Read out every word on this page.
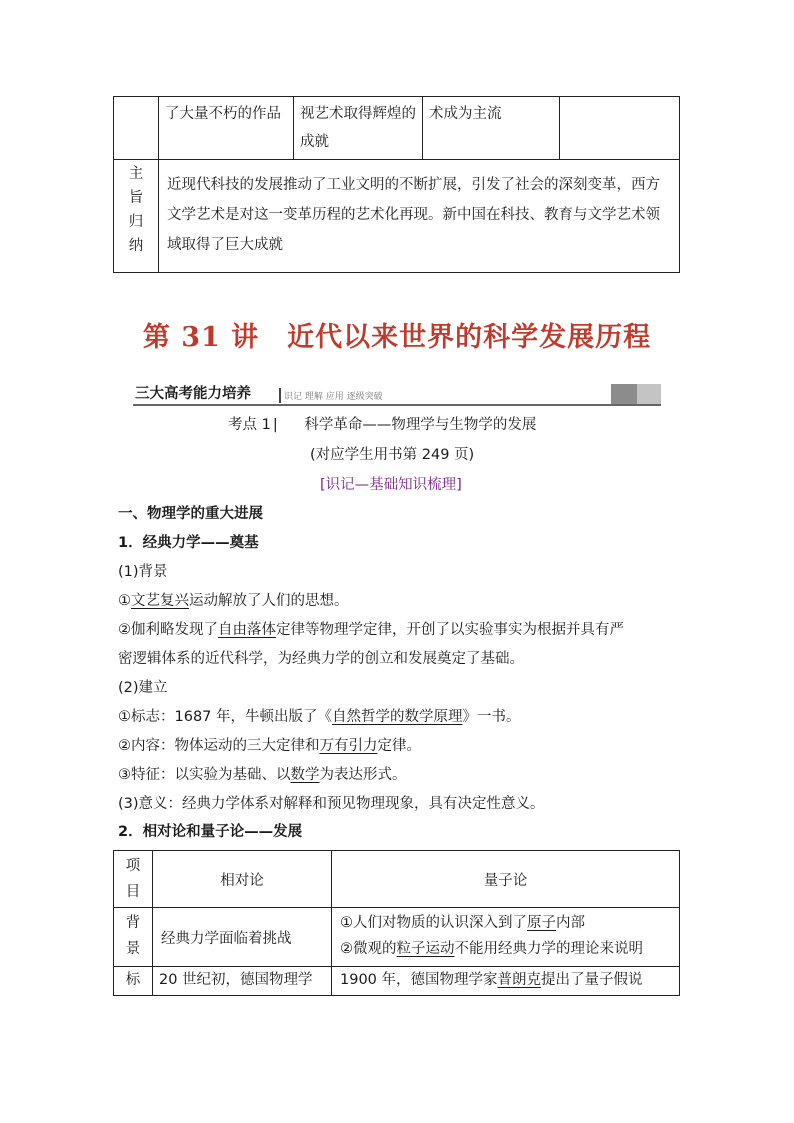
	了大量不朽的作品	视艺术取得辉煌的成就	术成为主流	

主
旨
归
纳	近现代科技的发展推动了工业文明的不断扩展，引发了社会的深刻变革，西方文学艺术是对这一变革历程的艺术化再现。新中国在科技、教育与文学艺术领域取得了巨大成就			
第 31 讲　近代以来世界的科学发展历程
三大高考能力培养	识记 理解 应用 逐级突破
考点 1 | 科学革命——物理学与生物学的发展
(对应学生用书第 249 页)
[识记—基础知识梳理]
一、物理学的重大进展
1．经典力学——奠基
(1)背景
①文艺复兴运动解放了人们的思想。
②伽利略发现了自由落体定律等物理学定律，开创了以实验事实为根据并具有严
密逻辑体系的近代科学，为经典力学的创立和发展奠定了基础。
(2)建立
①标志：1687 年，牛顿出版了《自然哲学的数学原理》一书。
②内容：物体运动的三大定律和万有引力定律。
③特征：以实验为基础、以数学为表达形式。
(3)意义：经典力学体系对解释和预见物理现象，具有决定性意义。
2．相对论和量子论——发展
项目	相对论	量子论

背景	经典力学面临着挑战	①人们对物质的认识深入到了原子内部
②微观的粒子运动不能用经典力学的理论来说明

标	20 世纪初，德国物理学	1900 年，德国物理学家普朗克提出了量子假说
